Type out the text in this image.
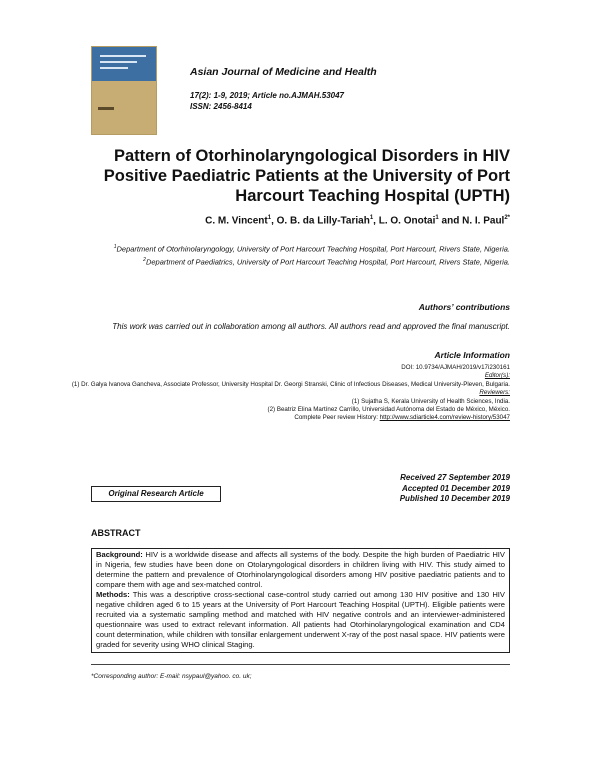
Asian Journal of Medicine and Health
17(2): 1-9, 2019; Article no.AJMAH.53047
ISSN: 2456-8414
Pattern of Otorhinolaryngological Disorders in HIV Positive Paediatric Patients at the University of Port Harcourt Teaching Hospital (UPTH)
C. M. Vincent$^1$, O. B. da Lilly-Tariah$^1$, L. O. Onotai$^1$ and N. I. Paul$^{2*}$
$^1$Department of Otorhinolaryngology, University of Port Harcourt Teaching Hospital, Port Harcourt, Rivers State, Nigeria.
$^2$Department of Paediatrics, University of Port Harcourt Teaching Hospital, Port Harcourt, Rivers State, Nigeria.
Authors’ contributions
This work was carried out in collaboration among all authors. All authors read and approved the final manuscript.
Article Information
DOI: 10.9734/AJMAH/2019/v17i230161
Editor(s):
(1) Dr. Galya Ivanova Gancheva, Associate Professor, University Hospital Dr. Georgi Stranski, Clinic of Infectious Diseases, Medical University-Pleven, Bulgaria.
Reviewers:
(1) Sujatha S, Kerala University of Health Sciences, India.
(2) Beatriz Elina Martínez Carrillo, Universidad Autónoma del Estado de México, México.
Complete Peer review History: http://www.sdiarticle4.com/review-history/53047
Received 27 September 2019
Accepted 01 December 2019
Published 10 December 2019
Original Research Article
ABSTRACT

Background: HIV is a worldwide disease and affects all systems of the body. Despite the high burden of Paediatric HIV in Nigeria, few studies have been done on Otolaryngological disorders in children living with HIV. This study aimed to determine the pattern and prevalence of Otorhinolaryngological disorders among HIV positive paediatric patients and to compare them with age and sex-matched control.

Methods: This was a descriptive cross-sectional case-control study carried out among 130 HIV positive and 130 HIV negative children aged 6 to 15 years at the University of Port Harcourt Teaching Hospital (UPTH). Eligible patients were recruited via a systematic sampling method and matched with HIV negative controls and an interviewer-administered questionnaire was used to extract relevant information. All patients had Otorhinolaryngological examination and CD4 count determination, while children with tonsillar enlargement underwent X-ray of the post nasal space. HIV patients were graded for severity using WHO clinical Staging.

*Corresponding author: E-mail: nsypaul@yahoo. co. uk;
